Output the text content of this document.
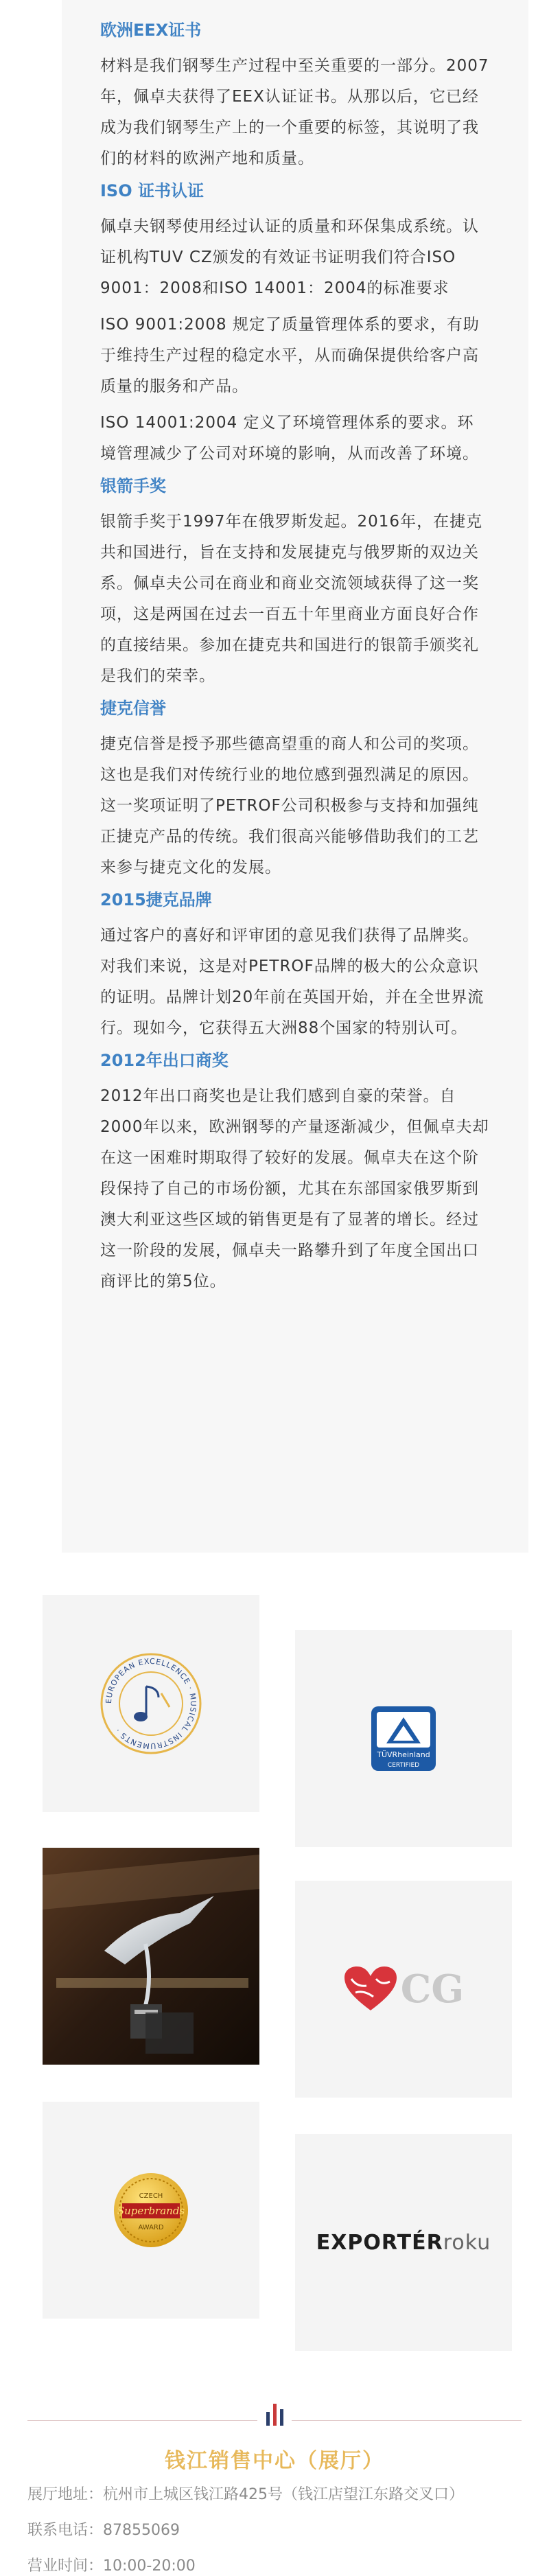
欧洲EEX证书

材料是我们钢琴生产过程中至关重要的一部分。2007年，佩卓夫获得了EEX认证证书。从那以后，它已经成为我们钢琴生产上的一个重要的标签，其说明了我们的材料的欧洲产地和质量。

ISO 证书认证

佩卓夫钢琴使用经过认证的质量和环保集成系统。认证机构TUV CZ颁发的有效证书证明我们符合ISO 9001：2008和ISO 14001：2004的标准要求

ISO 9001:2008 规定了质量管理体系的要求，有助于维持生产过程的稳定水平，从而确保提供给客户高质量的服务和产品。

ISO 14001:2004 定义了环境管理体系的要求。环境管理减少了公司对环境的影响，从而改善了环境。

银箭手奖

银箭手奖于1997年在俄罗斯发起。2016年，在捷克共和国进行，旨在支持和发展捷克与俄罗斯的双边关系。佩卓夫公司在商业和商业交流领域获得了这一奖项，这是两国在过去一百五十年里商业方面良好合作的直接结果。参加在捷克共和国进行的银箭手颁奖礼是我们的荣幸。

捷克信誉

捷克信誉是授予那些德高望重的商人和公司的奖项。这也是我们对传统行业的地位感到强烈满足的原因。这一奖项证明了PETROF公司积极参与支持和加强纯正捷克产品的传统。我们很高兴能够借助我们的工艺来参与捷克文化的发展。

2015捷克品牌

通过客户的喜好和评审团的意见我们获得了品牌奖。对我们来说，这是对PETROF品牌的极大的公众意识的证明。品牌计划20年前在英国开始，并在全世界流行。现如今，它获得五大洲88个国家的特别认可。

2012年出口商奖

2012年出口商奖也是让我们感到自豪的荣誉。自2000年以来，欧洲钢琴的产量逐渐减少，但佩卓夫却在这一困难时期取得了较好的发展。佩卓夫在这个阶段保持了自己的市场份额，尤其在东部国家俄罗斯到澳大利亚这些区域的销售更是有了显著的增长。经过这一阶段的发展，佩卓夫一路攀升到了年度全国出口商评比的第5位。

EUROPEAN EXCELLENCE · MUSICAL INSTRUMENTS ·
TÜVRheinland
CERTIFIED
CG
CZECH
Superbrands
AWARD
EXPORTÉRroku
钱江销售中心（展厅）
展厅地址：杭州市上城区钱江路425号（钱江店望江东路交叉口）
联系电话：87855069
营业时间：10:00-20:00
